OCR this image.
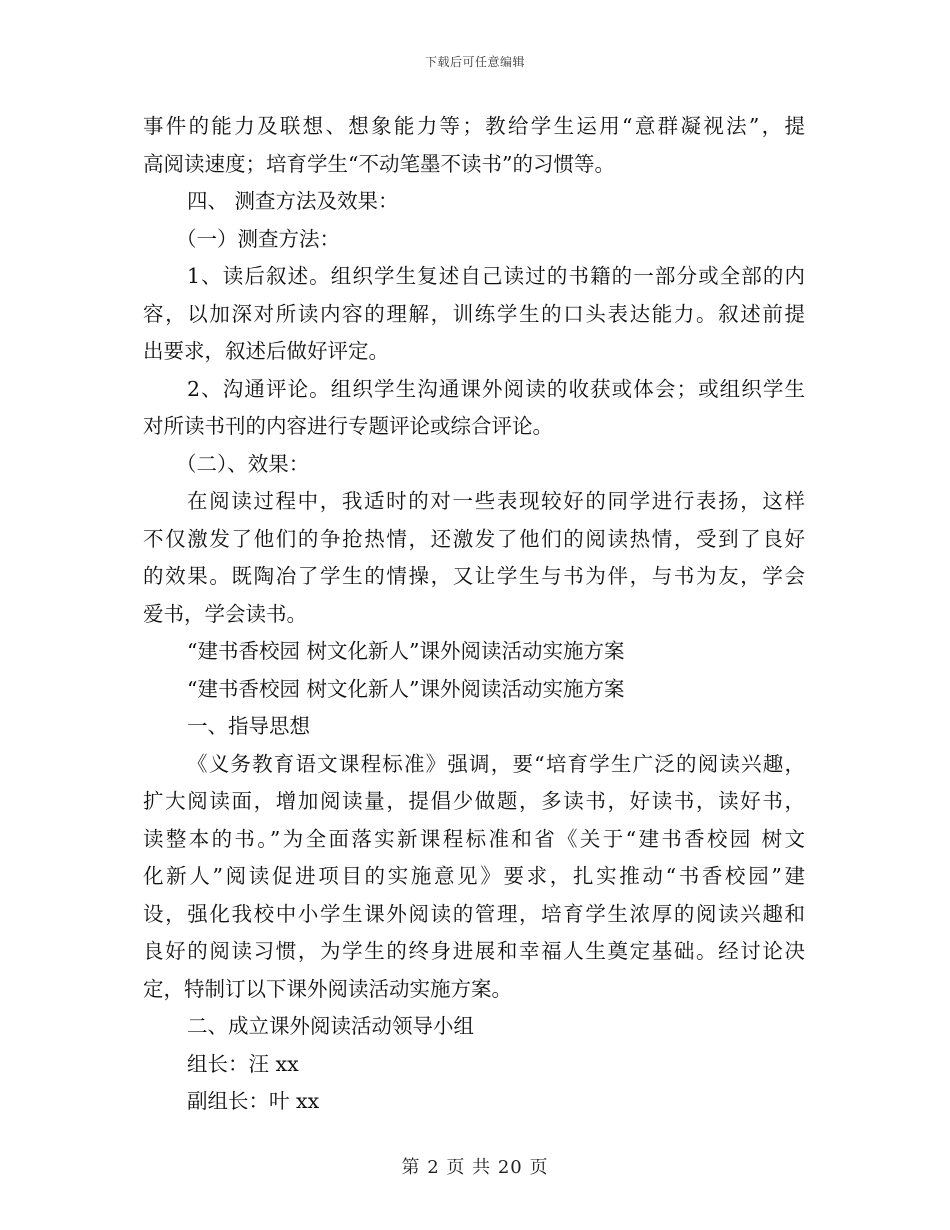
下载后可任意编辑
事件的能力及联想、想象能力等；教给学生运用“意群凝视法”，提
高阅读速度；培育学生“不动笔墨不读书”的习惯等。
四、 测查方法及效果：
（一）测查方法：
1、读后叙述。组织学生复述自己读过的书籍的一部分或全部的内
容，以加深对所读内容的理解，训练学生的口头表达能力。叙述前提
出要求，叙述后做好评定。
2、沟通评论。组织学生沟通课外阅读的收获或体会；或组织学生
对所读书刊的内容进行专题评论或综合评论。
（二）、效果：
在阅读过程中，我适时的对一些表现较好的同学进行表扬，这样
不仅激发了他们的争抢热情，还激发了他们的阅读热情，受到了良好
的效果。既陶冶了学生的情操，又让学生与书为伴，与书为友，学会
爱书，学会读书。
“建书香校园 树文化新人”课外阅读活动实施方案
“建书香校园 树文化新人”课外阅读活动实施方案
一、指导思想
《义务教育语文课程标准》强调，要“培育学生广泛的阅读兴趣，
扩大阅读面，增加阅读量，提倡少做题，多读书，好读书，读好书，
读整本的书。”为全面落实新课程标准和省《关于“建书香校园 树文
化新人”阅读促进项目的实施意见》要求，扎实推动“书香校园”建
设，强化我校中小学生课外阅读的管理，培育学生浓厚的阅读兴趣和
良好的阅读习惯，为学生的终身进展和幸福人生奠定基础。经讨论决
定，特制订以下课外阅读活动实施方案。
二、成立课外阅读活动领导小组
组长：汪 xx
副组长：叶 xx
第 2 页 共 20 页
